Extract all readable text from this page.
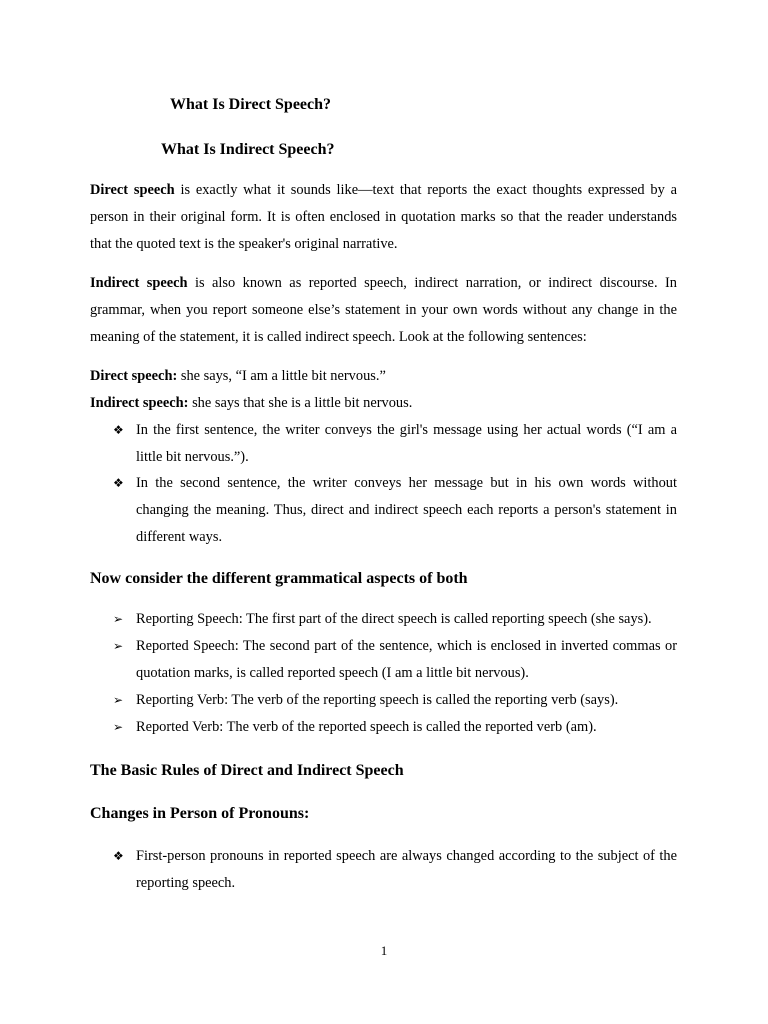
What Is Direct Speech?
What Is Indirect Speech?
Direct speech is exactly what it sounds like—text that reports the exact thoughts expressed by a person in their original form. It is often enclosed in quotation marks so that the reader understands that the quoted text is the speaker's original narrative.
Indirect speech is also known as reported speech, indirect narration, or indirect discourse. In grammar, when you report someone else’s statement in your own words without any change in the meaning of the statement, it is called indirect speech. Look at the following sentences:
Direct speech: she says, “I am a little bit nervous.”
Indirect speech: she says that she is a little bit nervous.
❖ In the first sentence, the writer conveys the girl's message using her actual words (“I am a little bit nervous.”).
❖ In the second sentence, the writer conveys her message but in his own words without changing the meaning. Thus, direct and indirect speech each reports a person's statement in different ways.
Now consider the different grammatical aspects of both
➢ Reporting Speech: The first part of the direct speech is called reporting speech (she says).
➢ Reported Speech: The second part of the sentence, which is enclosed in inverted commas or quotation marks, is called reported speech (I am a little bit nervous).
➢ Reporting Verb: The verb of the reporting speech is called the reporting verb (says).
➢ Reported Verb: The verb of the reported speech is called the reported verb (am).
The Basic Rules of Direct and Indirect Speech
Changes in Person of Pronouns:
❖ First-person pronouns in reported speech are always changed according to the subject of the reporting speech.
1
